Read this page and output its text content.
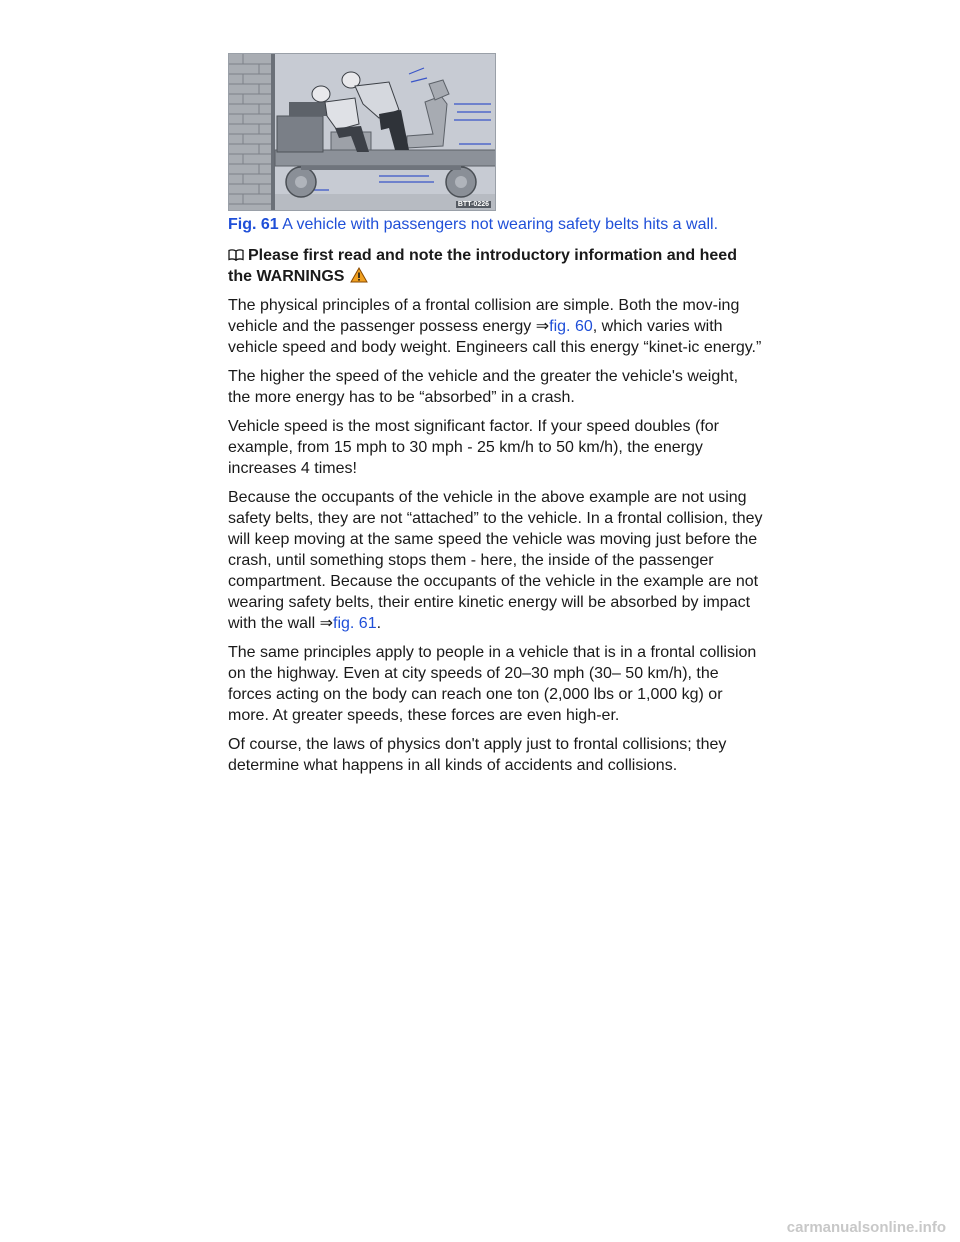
BTT-0226
Fig. 61 A vehicle with passengers not wearing safety belts hits a wall.

Please first read and note the introductory information and heed the WARNINGS

The physical principles of a frontal collision are simple. Both the mov-ing vehicle and the passenger possess energy ⇒fig. 60, which varies with vehicle speed and body weight. Engineers call this energy “kinet-ic energy.”

The higher the speed of the vehicle and the greater the vehicle's weight, the more energy has to be “absorbed” in a crash.

Vehicle speed is the most significant factor. If your speed doubles (for example, from 15 mph to 30 mph - 25 km/h to 50 km/h), the energy increases 4 times!

Because the occupants of the vehicle in the above example are not using safety belts, they are not “attached” to the vehicle. In a frontal collision, they will keep moving at the same speed the vehicle was moving just before the crash, until something stops them - here, the inside of the passenger compartment. Because the occupants of the vehicle in the example are not wearing safety belts, their entire kinetic energy will be absorbed by impact with the wall ⇒fig. 61.

The same principles apply to people in a vehicle that is in a frontal collision on the highway. Even at city speeds of 20–30 mph (30– 50 km/h), the forces acting on the body can reach one ton (2,000 lbs or 1,000 kg) or more. At greater speeds, these forces are even high-er.

Of course, the laws of physics don't apply just to frontal collisions; they determine what happens in all kinds of accidents and collisions.

carmanualsonline.info
